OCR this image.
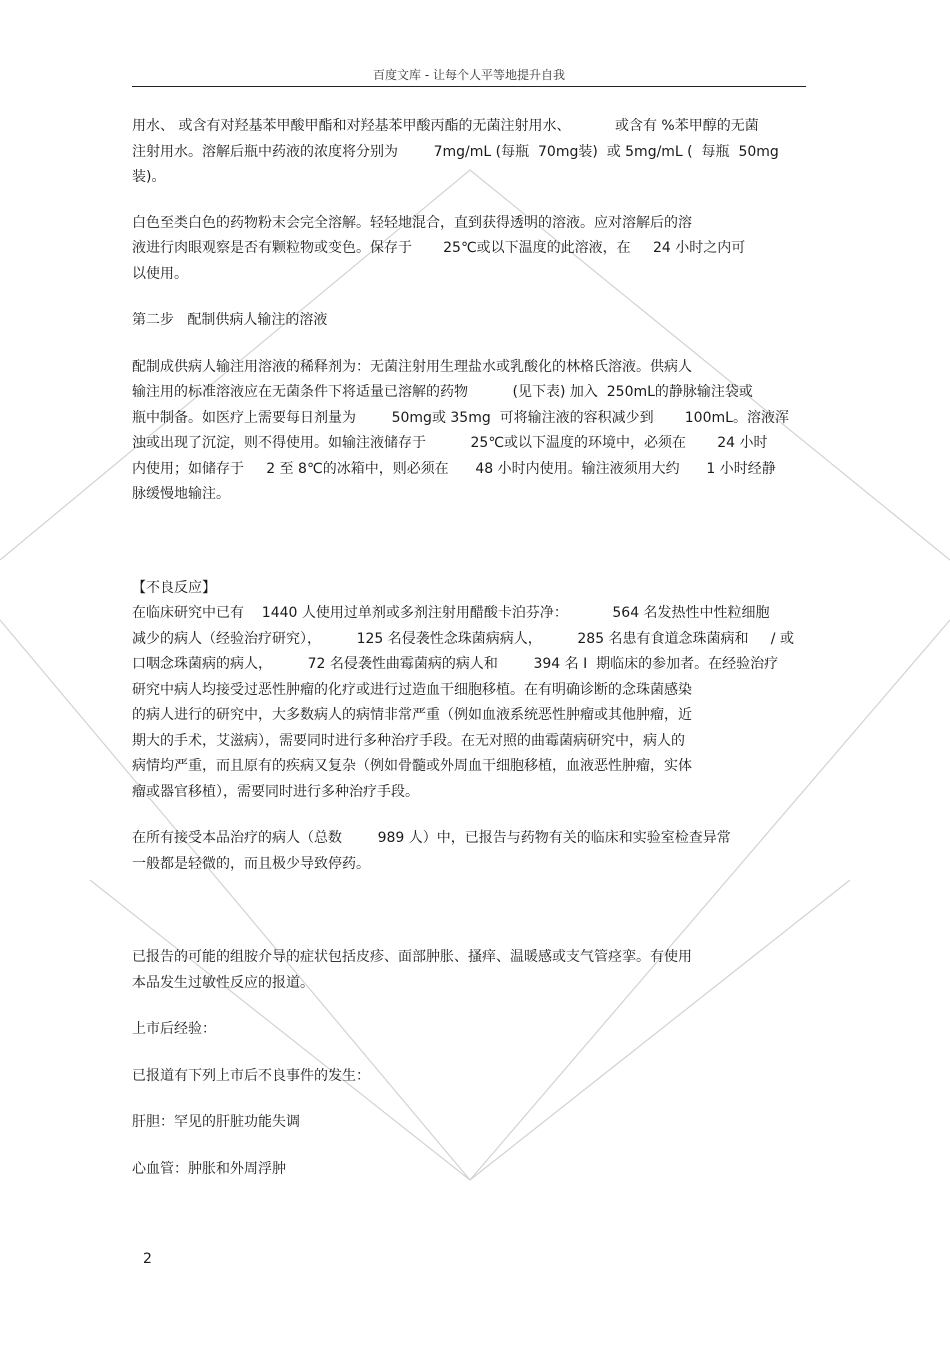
百度文库 - 让每个人平等地提升自我
用水、 或含有对羟基苯甲酸甲酯和对羟基苯甲酸丙酯的无菌注射用水、          或含有 %苯甲醇的无菌
注射用水。溶解后瓶中药液的浓度将分别为        7mg/mL (每瓶  70mg装)  或 5mg/mL (  每瓶  50mg
装)。
白色至类白色的药物粉末会完全溶解。轻轻地混合，直到获得透明的溶液。应对溶解后的溶
液进行肉眼观察是否有颗粒物或变色。保存于       25℃或以下温度的此溶液，在     24 小时之内可
以使用。
第二步   配制供病人输注的溶液
配制成供病人输注用溶液的稀释剂为：无菌注射用生理盐水或乳酸化的林格氏溶液。供病人
输注用的标准溶液应在无菌条件下将适量已溶解的药物          (见下表) 加入  250mL的静脉输注袋或
瓶中制备。如医疗上需要每日剂量为        50mg或 35mg  可将输注液的容积减少到       100mL。溶液浑
浊或出现了沉淀，则不得使用。如输注液储存于          25℃或以下温度的环境中，必须在       24 小时
内使用；如储存于     2 至 8℃的冰箱中，则必须在      48 小时内使用。输注液须用大约      1 小时经静
脉缓慢地输注。
【不良反应】
在临床研究中已有    1440 人使用过单剂或多剂注射用醋酸卡泊芬净：          564 名发热性中性粒细胞
减少的病人（经验治疗研究），        125 名侵袭性念珠菌病病人，        285 名患有食道念珠菌病和     / 或
口咽念珠菌病的病人，        72 名侵袭性曲霉菌病的病人和        394 名 I  期临床的参加者。在经验治疗
研究中病人均接受过恶性肿瘤的化疗或进行过造血干细胞移植。在有明确诊断的念珠菌感染
的病人进行的研究中，大多数病人的病情非常严重（例如血液系统恶性肿瘤或其他肿瘤，近
期大的手术，艾滋病），需要同时进行多种治疗手段。在无对照的曲霉菌病研究中，病人的
病情均严重，而且原有的疾病又复杂（例如骨髓或外周血干细胞移植，血液恶性肿瘤，实体
瘤或器官移植），需要同时进行多种治疗手段。
在所有接受本品治疗的病人（总数        989 人）中，已报告与药物有关的临床和实验室检查异常
一般都是轻微的，而且极少导致停药。
已报告的可能的组胺介导的症状包括皮疹、面部肿胀、搔痒、温暖感或支气管痉挛。有使用
本品发生过敏性反应的报道。
上市后经验：
已报道有下列上市后不良事件的发生：
肝胆：罕见的肝脏功能失调
心血管：肿胀和外周浮肿
2
